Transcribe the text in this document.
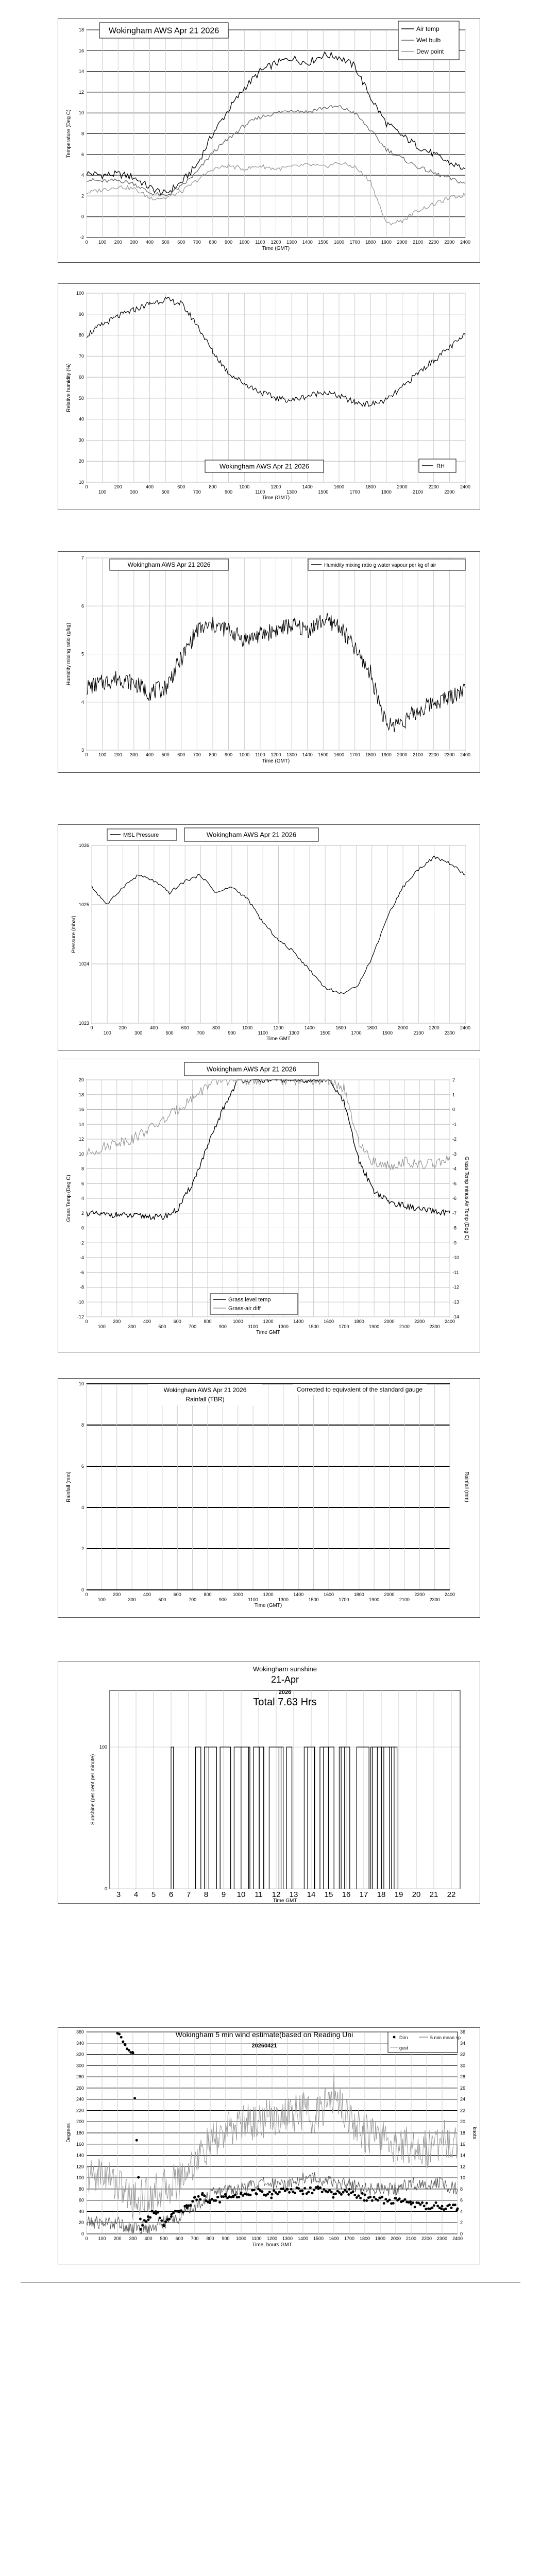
-2
0
2
4
6
8
10
12
14
16
18
0 100 200 300 400 500 600 700 800 900 1000 1100 1200 1300 1400 1500 1600 1700 1800 1900 2000 2100 2200 2300 2400
Time (GMT)
Temperature (Deg C)
Wokingham AWS Apr 21 2026	Air temp
Wet bulb
Dew point
10
20
30
40
50
60
70
80
90
100
0
100
200
300
400
500
600
700
800
900
1000
1100
1200
1300
1400
1500
1600
1700
1800
1900
2000
2100
2200
2300
2400
Time (GMT)
Relative humidity (%)
Wokingham AWS Apr 21 2026	RH
3
4
5
6
7
0 100 200 300 400 500 600 700 800 900 1000 1100 1200 1300 1400 1500 1600 1700 1800 1900 2000 2100 2200 2300 2400
Time (GMT)
Humidity mixing ratio (g/kg)
Wokingham AWS Apr 21 2026	Humidity mixing ratio g water vapour per kg of air
1023
1024
1025
1026
0
100
200
300
400
500
600
700
800
900
1000
1100
1200
1300
1400
1500
1600
1700
1800
1900
2000
2100
2200
2300
2400
Time GMT
Pressure (mbar)
MSL Pressure	Wokingham AWS Apr 21 2026
-12
-10
-8
-6
-4
-2
0
2
4
6
8
10
12
14
16
18
20
-14
-13
-12
-11
-10
-9
-8
-7
-6
-5
-4
-3
-2
-1
0
1
2
0
100
200
300
400
500
600
700
800
900
1000
1100
1200
1300
1400
1500
1600
1700
1800
1900
2000
2100
2200
2300
2400
Time GMT
Grass Temp (Deg C)	Grass Temp minus Air Temp (Deg C)
Wokingham AWS Apr 21 2026
Grass level temp
Grass-air diff
0
2
4
6
8
10
0
100
200
300
400
500
600
700
800
900
1000
1100
1200
1300
1400
1500
1600
1700
1800
1900
2000
2100
2200
2300
2400
Time (GMT)
Rainfall (mm)	Rainfall (mm)
Wokingham AWS Apr 21 2026
Rainfall (TBR)
Corrected to equivalent of the standard gauge
3 4 5 6 7 8 9 10 11 12 13 14 15 16 17 18 19 20 21 22
0
100
Time GMT
Sunshine (per cent per minute)
Wokingham sunshine
21-Apr
2026
Total 7.63 Hrs
0
20
40
60
80
100
120
140
160
180
200
220
240
260
280
300
320
340
360
0
2
4
6
8
10
12
14
16
18
20
22
24
26
28
30
32
34
36
0 100 200 300 400 500 600 700 800 900 1000 1100 1200 1300 1400 1500 1600 1700 1800 1900 2000 2100 2200 2300 2400
Time, hours GMT
Degrees	knots
Wokingham 5 min wind estimate(based on Reading Uni
20260421
Dirn	5 min mean sp
gust
